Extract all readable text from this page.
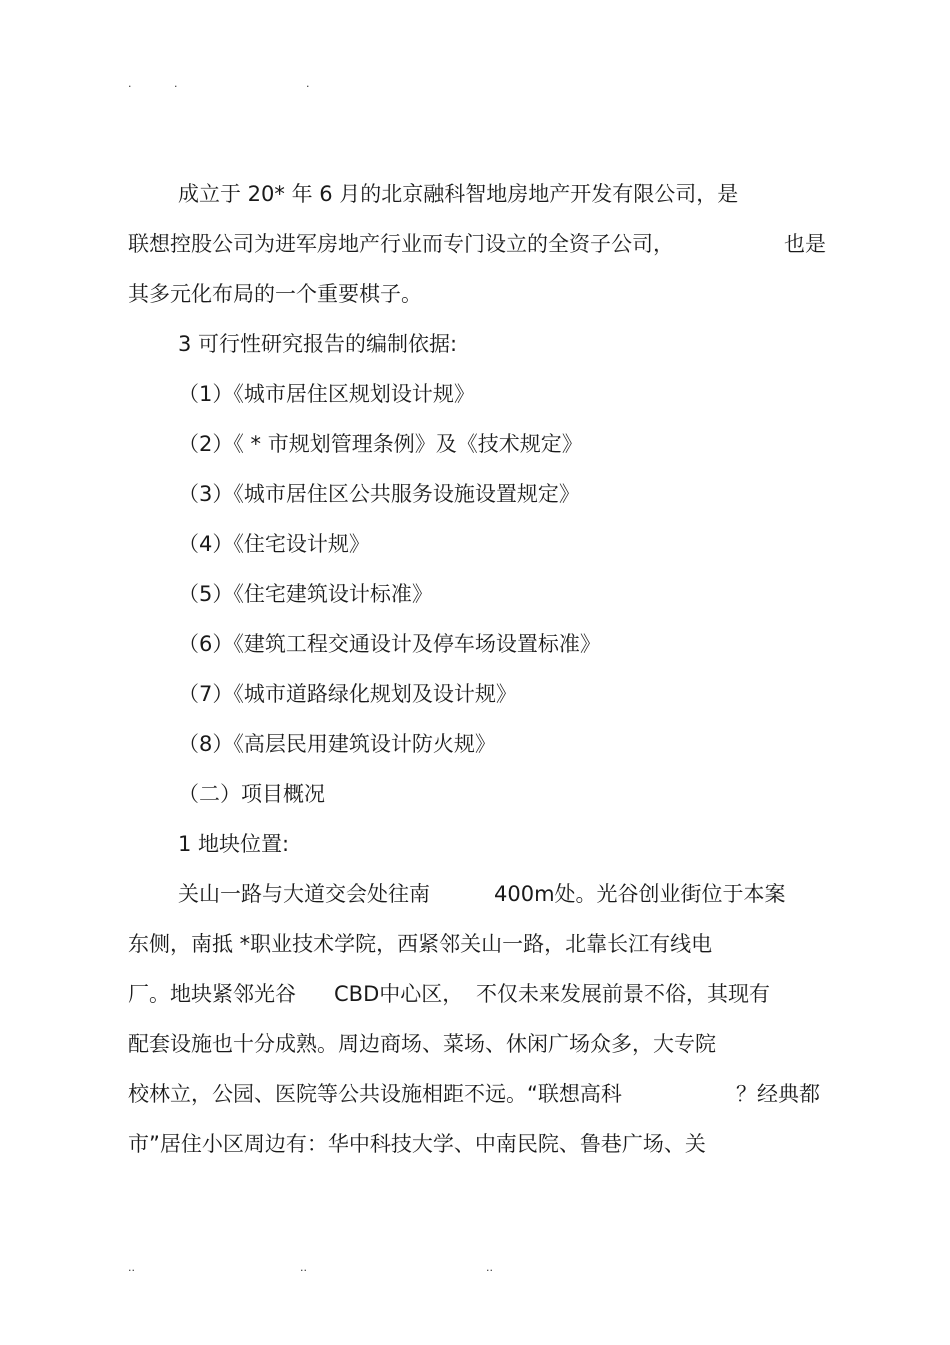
.	.	.
成立于 20* 年 6 月的北京融科智地房地产开发有限公司，是
联想控股公司为进军房地产行业而专门设立的全资子公司，	也是
其多元化布局的一个重要棋子。
3 可行性研究报告的编制依据:
（1）《城市居住区规划设计规》
（2）《 * 市规划管理条例》及《技术规定》
（3）《城市居住区公共服务设施设置规定》
（4）《住宅设计规》
（5）《住宅建筑设计标准》
（6）《建筑工程交通设计及停车场设置标准》
（7）《城市道路绿化规划及设计规》
（8）《高层民用建筑设计防火规》
（二）项目概况
1 地块位置:
关山一路与大道交会处往南	400m处。光谷创业街位于本案
东侧，南抵 *职业技术学院，西紧邻关山一路，北靠长江有线电
厂。地块紧邻光谷 CBD中心区， 不仅未来发展前景不俗，其现有
配套设施也十分成熟。周边商场、菜场、休闲广场众多，大专院
校林立，公园、医院等公共设施相距不远。“联想高科	？经典都
市”居住小区周边有：华中科技大学、中南民院、鲁巷广场、关
..	..	..
